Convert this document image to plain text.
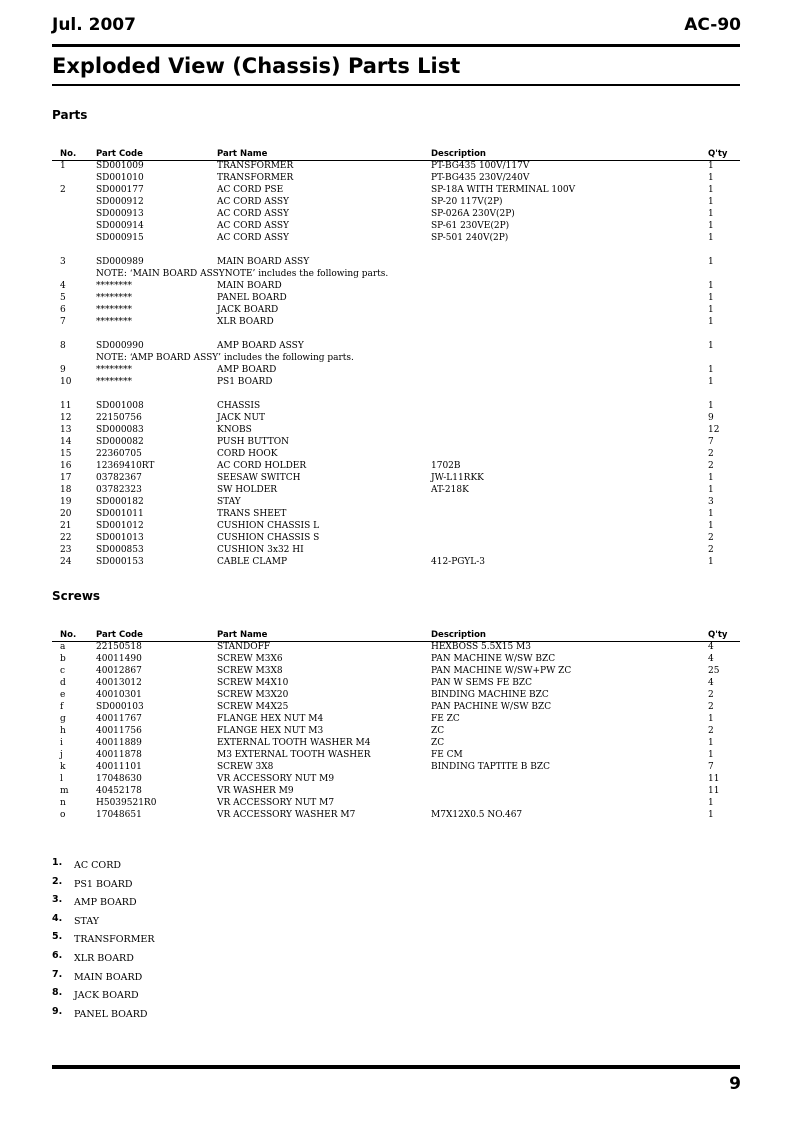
Jul. 2007	AC-90
Exploded View (Chassis) Parts List
Parts
No. Part Code	Part Name	Description	Q'ty
1	SD001009	TRANSFORMER	PT-BG435 100V/117V	1
SD001010	TRANSFORMER	PT-BG435 230V/240V	1
2	SD000177	AC CORD PSE	SP-18A WITH TERMINAL 100V	1
SD000912	AC CORD ASSY	SP-20 117V(2P)	1
SD000913	AC CORD ASSY	SP-026A 230V(2P)	1
SD000914	AC CORD ASSY	SP-61 230VE(2P)	1
SD000915	AC CORD ASSY	SP-501 240V(2P)	1
3	SD000989	MAIN BOARD ASSY	1
NOTE: ‘MAIN BOARD ASSYNOTE’ includes the following parts.
4	********	MAIN BOARD	1
5	********	PANEL BOARD	1
6	********	JACK BOARD	1
7	********	XLR BOARD	1
8	SD000990	AMP BOARD ASSY	1
NOTE: ‘AMP BOARD ASSY’ includes the following parts.
9	********	AMP BOARD	1
10	********	PS1 BOARD	1
11	SD001008	CHASSIS	1
12	22150756	JACK NUT	9
13	SD000083	KNOBS	12
14	SD000082	PUSH BUTTON	7
15	22360705	CORD HOOK	2
16	12369410RT	AC CORD HOLDER	1702B	2
17	03782367	SEESAW SWITCH	JW-L11RKK	1
18	03782323	SW HOLDER	AT-218K	1
19	SD000182	STAY	3
20	SD001011	TRANS SHEET	1
21	SD001012	CUSHION CHASSIS L	1
22	SD001013	CUSHION CHASSIS S	2
23	SD000853	CUSHION 3x32 HI	2
24	SD000153	CABLE CLAMP	412-PGYL-3	1
Screws
No. Part Code	Part Name	Description	Q'ty
a	22150518	STANDOFF	HEXBOSS 5.5X15 M3	4
b	40011490	SCREW M3X6	PAN MACHINE W/SW BZC	4
c	40012867	SCREW M3X8	PAN MACHINE W/SW+PW ZC	25
d	40013012	SCREW M4X10	PAN W SEMS FE BZC	4
e	40010301	SCREW M3X20	BINDING MACHINE BZC	2
f	SD000103	SCREW M4X25	PAN PACHINE W/SW BZC	2
g	40011767	FLANGE HEX NUT M4	FE ZC	1
h	40011756	FLANGE HEX NUT M3	ZC	2
i	40011889	EXTERNAL TOOTH WASHER M4	ZC	1
j	40011878	M3 EXTERNAL TOOTH WASHER	FE CM	1
k	40011101	SCREW 3X8	BINDING TAPTITE B BZC	7
l	17048630	VR ACCESSORY NUT M9	11
m	40452178	VR WASHER M9	11
n	H5039521R0	VR ACCESSORY NUT M7	1
o	17048651	VR ACCESSORY WASHER M7	M7X12X0.5 NO.467	1
1. AC CORD
2. PS1 BOARD
3. AMP BOARD
4. STAY
5. TRANSFORMER
6. XLR BOARD
7. MAIN BOARD
8. JACK BOARD
9. PANEL BOARD
9
